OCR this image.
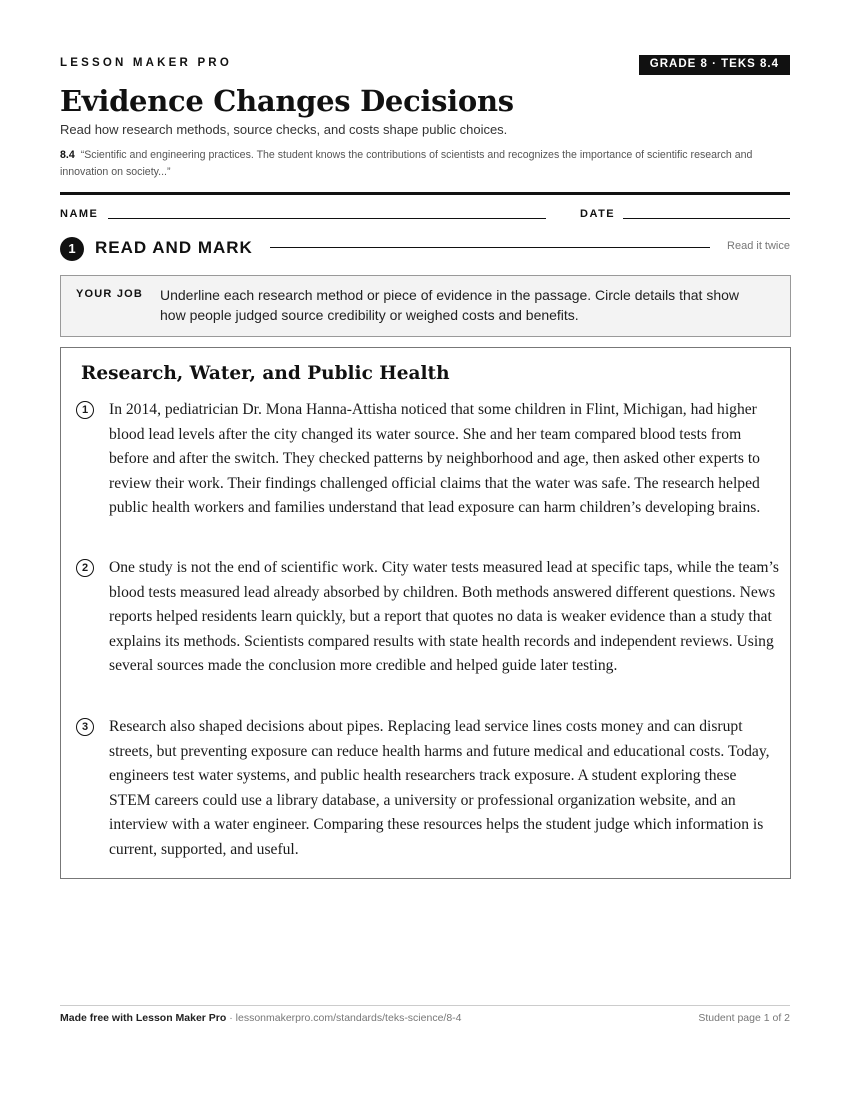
LESSON MAKER PRO	GRADE 8 · TEKS 8.4
Evidence Changes Decisions
Read how research methods, source checks, and costs shape public choices.
8.4 “Scientific and engineering practices. The student knows the contributions of scientists and recognizes the importance of scientific research and innovation on society...”
NAME	DATE
1	READ AND MARK	Read it twice
YOUR JOB Underline each research method or piece of evidence in the passage. Circle details that show how people judged source credibility or weighed costs and benefits.
Research, Water, and Public Health
1	In 2014, pediatrician Dr. Mona Hanna-Attisha noticed that some children in Flint, Michigan, had higher blood lead levels after the city changed its water source. She and her team compared blood tests from before and after the switch. They checked patterns by neighborhood and age, then asked other experts to review their work. Their findings challenged official claims that the water was safe. The research helped public health workers and families understand that lead exposure can harm children’s developing brains.
2	One study is not the end of scientific work. City water tests measured lead at specific taps, while the team’s blood tests measured lead already absorbed by children. Both methods answered different questions. News reports helped residents learn quickly, but a report that quotes no data is weaker evidence than a study that explains its methods. Scientists compared results with state health records and independent reviews. Using several sources made the conclusion more credible and helped guide later testing.
3	Research also shaped decisions about pipes. Replacing lead service lines costs money and can disrupt streets, but preventing exposure can reduce health harms and future medical and educational costs. Today, engineers test water systems, and public health researchers track exposure. A student exploring these STEM careers could use a library database, a university or professional organization website, and an interview with a water engineer. Comparing these resources helps the student judge which information is current, supported, and useful.
Made free with Lesson Maker Pro · lessonmakerpro.com/standards/teks-science/8-4	Student page 1 of 2
